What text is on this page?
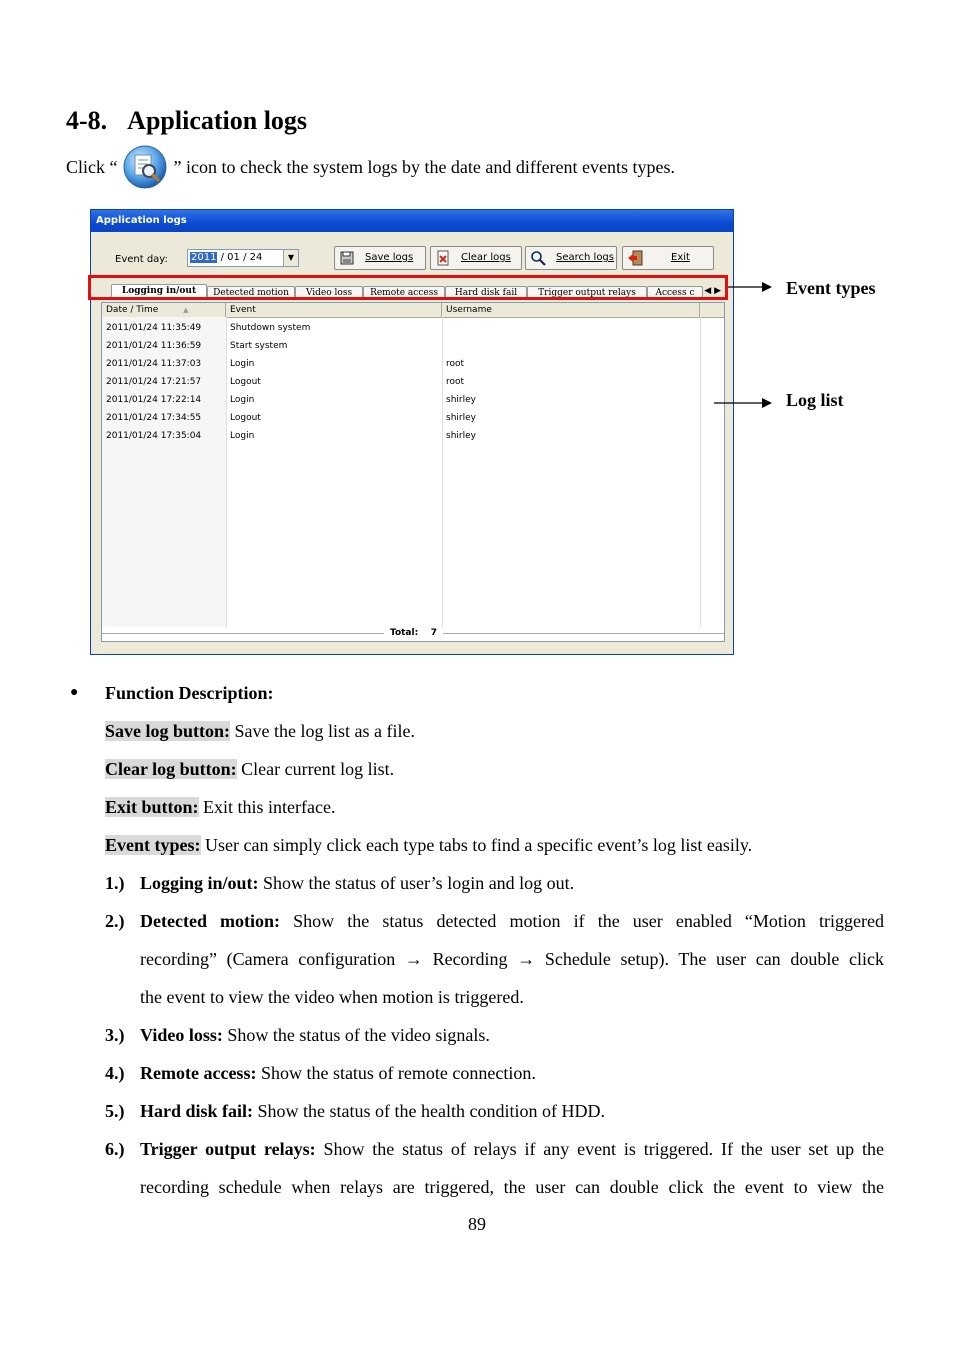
4-8. Application logs
Click “	” icon to check the system logs by the date and different events types.
Application logs
Event day:	2011 / 01 / 24	▼	Save logs	Clear logs	Search logs	Exit
Logging in/out	Detected motion	Video loss	Remote access	Hard disk fail	Trigger output relays	Access c	◀ ▶
Date / Time	▲	Event	Username
2011/01/24 11:35:49	Shutdown system
2011/01/24 11:36:59	Start system
2011/01/24 11:37:03	Login	root
2011/01/24 17:21:57	Logout	root
2011/01/24 17:22:14	Login	shirley
2011/01/24 17:34:55	Logout	shirley
2011/01/24 17:35:04	Login	shirley
Total: 7
Event types
Log list
● Function Description:
Save log button: Save the log list as a file.
Clear log button: Clear current log list.
Exit button: Exit this interface.
Event types: User can simply click each type tabs to find a specific event’s log list easily.
1.) Logging in/out: Show the status of user’s login and log out.
2.) Detected motion: Show the status detected motion if the user enabled “Motion triggered
recording” (Camera configuration → Recording → Schedule setup). The user can double click
the event to view the video when motion is triggered.
3.) Video loss: Show the status of the video signals.
4.) Remote access: Show the status of remote connection.
5.) Hard disk fail: Show the status of the health condition of HDD.
6.) Trigger output relays: Show the status of relays if any event is triggered. If the user set up the
recording schedule when relays are triggered, the user can double click the event to view the
89
